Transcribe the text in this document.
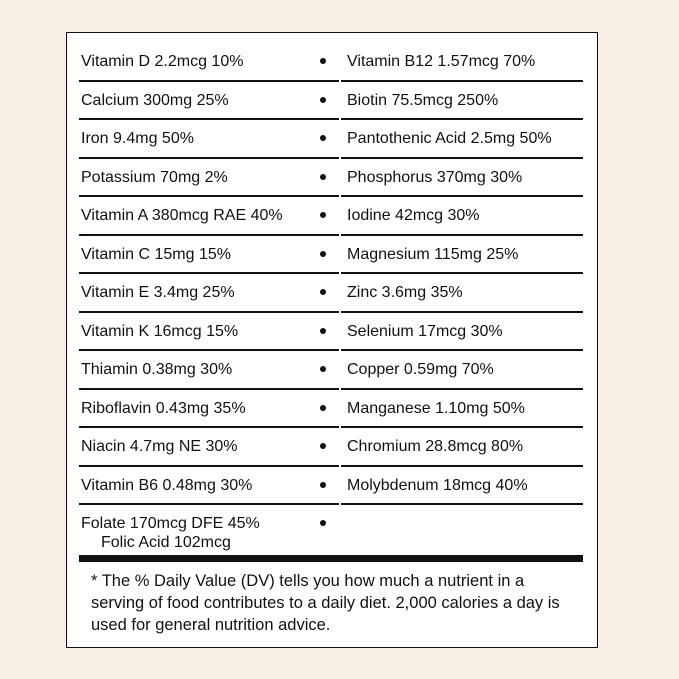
Vitamin D 2.2mcg 10%	Vitamin B12 1.57mcg 70%
Calcium 300mg 25%	Biotin 75.5mcg 250%
Iron 9.4mg 50%	Pantothenic Acid 2.5mg 50%
Potassium 70mg 2%	Phosphorus 370mg 30%
Vitamin A 380mcg RAE 40%	Iodine 42mcg 30%
Vitamin C 15mg 15%	Magnesium 115mg 25%
Vitamin E 3.4mg 25%	Zinc 3.6mg 35%
Vitamin K 16mcg 15%	Selenium 17mcg 30%
Thiamin 0.38mg 30%	Copper 0.59mg 70%
Riboflavin 0.43mg 35%	Manganese 1.10mg 50%
Niacin 4.7mg NE 30%	Chromium 28.8mcg 80%
Vitamin B6 0.48mg 30%	Molybdenum 18mcg 40%
Folate 170mcg DFE 45%
Folic Acid 102mcg
* The % Daily Value (DV) tells you how much a nutrient in a serving of food contributes to a daily diet. 2,000 calories a day is used for general nutrition advice.
